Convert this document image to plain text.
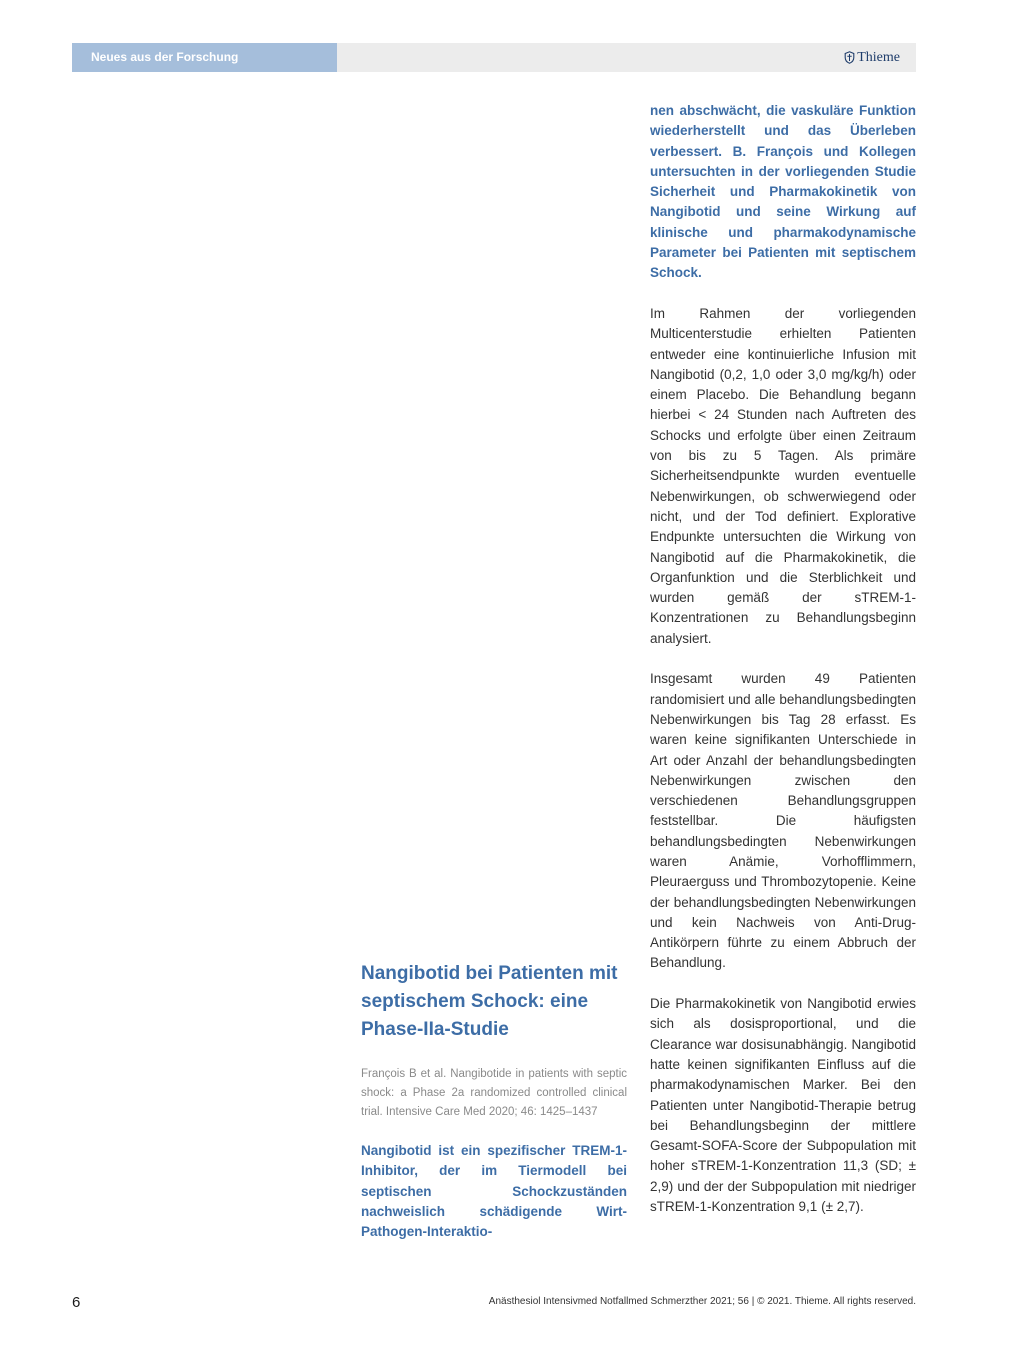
Neues aus der Forschung	Thieme
Nangibotid bei Patienten mit septischem Schock: eine Phase-IIa-Studie

François B et al. Nangibotide in patients with septic shock: a Phase 2a randomized controlled clinical trial. Intensive Care Med 2020; 46: 1425–1437

Nangibotid ist ein spezifischer TREM-1-Inhibitor, der im Tiermodell bei septischen Schockzuständen nachweislich schädigende Wirt-Pathogen-Interaktio-

nen abschwächt, die vaskuläre Funktion wiederherstellt und das Überleben verbessert. B. François und Kollegen untersuchten in der vorliegenden Studie Sicherheit und Pharmakokinetik von Nangibotid und seine Wirkung auf klinische und pharmakodynamische Parameter bei Patienten mit septischem Schock.

Im Rahmen der vorliegenden Multicenterstudie erhielten Patienten entweder eine kontinuierliche Infusion mit Nangibotid (0,2, 1,0 oder 3,0 mg/kg/h) oder einem Placebo. Die Behandlung begann hierbei < 24 Stunden nach Auftreten des Schocks und erfolgte über einen Zeitraum von bis zu 5 Tagen. Als primäre Sicherheitsendpunkte wurden eventuelle Nebenwirkungen, ob schwerwiegend oder nicht, und der Tod definiert. Explorative Endpunkte untersuchten die Wirkung von Nangibotid auf die Pharmakokinetik, die Organfunktion und die Sterblichkeit und wurden gemäß der sTREM-1-Konzentrationen zu Behandlungsbeginn analysiert.

Insgesamt wurden 49 Patienten randomisiert und alle behandlungsbedingten Nebenwirkungen bis Tag 28 erfasst. Es waren keine signifikanten Unterschiede in Art oder Anzahl der behandlungsbedingten Nebenwirkungen zwischen den verschiedenen Behandlungsgruppen feststellbar. Die häufigsten behandlungsbedingten Nebenwirkungen waren Anämie, Vorhofflimmern, Pleuraerguss und Thrombozytopenie. Keine der behandlungsbedingten Nebenwirkungen und kein Nachweis von Anti-Drug-Antikörpern führte zu einem Abbruch der Behandlung.

Die Pharmakokinetik von Nangibotid erwies sich als dosisproportional, und die Clearance war dosisunabhängig. Nangibotid hatte keinen signifikanten Einfluss auf die pharmakodynamischen Marker. Bei den Patienten unter Nangibotid-Therapie betrug bei Behandlungsbeginn der mittlere Gesamt-SOFA-Score der Subpopulation mit hoher sTREM-1-Konzentration 11,3 (SD; ± 2,9) und der der Subpopulation mit niedriger sTREM-1-Konzentration 9,1 (± 2,7).

6	Anästhesiol Intensivmed Notfallmed Schmerzther 2021; 56 | © 2021. Thieme. All rights reserved.
